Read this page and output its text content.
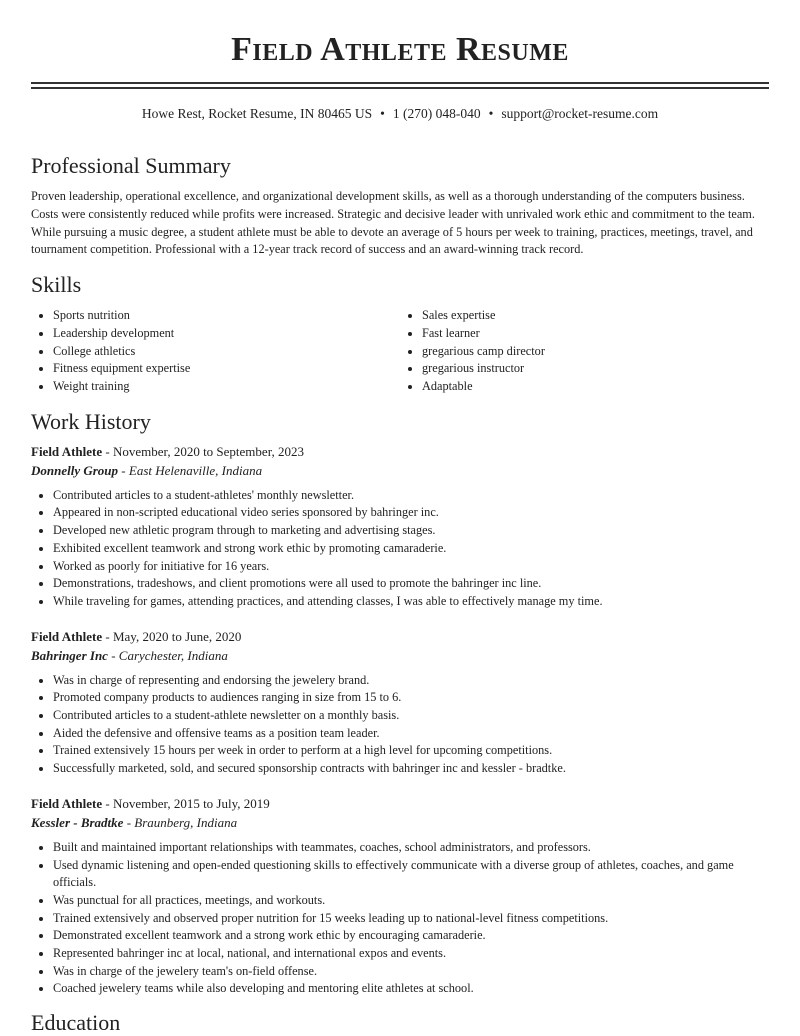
Field Athlete Resume
Howe Rest, Rocket Resume, IN 80465 US • 1 (270) 048-040 • support@rocket-resume.com
Professional Summary

Proven leadership, operational excellence, and organizational development skills, as well as a thorough understanding of the computers business. Costs were consistently reduced while profits were increased. Strategic and decisive leader with unrivaled work ethic and commitment to the team. While pursuing a music degree, a student athlete must be able to devote an average of 5 hours per week to training, practices, meetings, travel, and tournament competition. Professional with a 12-year track record of success and an award-winning track record.

Skills
• Sports nutrition
• Leadership development
• College athletics
• Fitness equipment expertise
• Weight training
• Sales expertise
• Fast learner
• gregarious camp director
• gregarious instructor
• Adaptable
Work History
Field Athlete - November, 2020 to September, 2023
Donnelly Group - East Helenaville, Indiana
• Contributed articles to a student-athletes' monthly newsletter.
• Appeared in non-scripted educational video series sponsored by bahringer inc.
• Developed new athletic program through to marketing and advertising stages.
• Exhibited excellent teamwork and strong work ethic by promoting camaraderie.
• Worked as poorly for initiative for 16 years.
• Demonstrations, tradeshows, and client promotions were all used to promote the bahringer inc line.
• While traveling for games, attending practices, and attending classes, I was able to effectively manage my time.
Field Athlete - May, 2020 to June, 2020
Bahringer Inc - Carychester, Indiana
• Was in charge of representing and endorsing the jewelery brand.
• Promoted company products to audiences ranging in size from 15 to 6.
• Contributed articles to a student-athlete newsletter on a monthly basis.
• Aided the defensive and offensive teams as a position team leader.
• Trained extensively 15 hours per week in order to perform at a high level for upcoming competitions.
• Successfully marketed, sold, and secured sponsorship contracts with bahringer inc and kessler - bradtke.
Field Athlete - November, 2015 to July, 2019
Kessler - Bradtke - Braunberg, Indiana
• Built and maintained important relationships with teammates, coaches, school administrators, and professors.
• Used dynamic listening and open-ended questioning skills to effectively communicate with a diverse group of athletes, coaches, and game officials.
• Was punctual for all practices, meetings, and workouts.
• Trained extensively and observed proper nutrition for 15 weeks leading up to national-level fitness competitions.
• Demonstrated excellent teamwork and a strong work ethic by encouraging camaraderie.
• Represented bahringer inc at local, national, and international expos and events.
• Was in charge of the jewelery team's on-field offense.
• Coached jewelery teams while also developing and mentoring elite athletes at school.
Education
